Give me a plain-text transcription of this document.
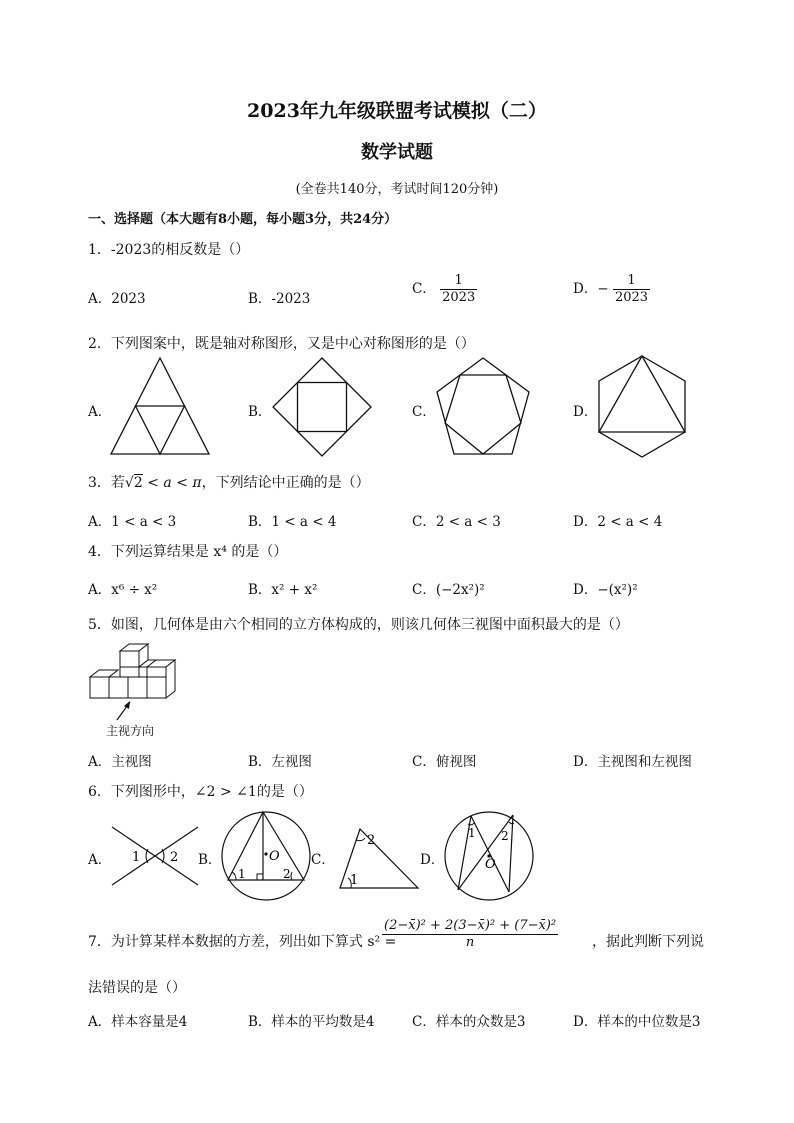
2023年九年级联盟考试模拟（二）
数学试题
(全卷共140分，考试时间120分钟)
一、选择题（本大题有8小题，每小题3分，共24分）
1．-2023的相反数是（）
A．2023	B．-2023
C． $\frac{1}{2023}$	D．− $\frac{1}{2023}$
2．下列图案中，既是轴对称图形，又是中心对称图形的是（）
A．	B．	C．	D．
3．若√2 < a < π，下列结论中正确的是（）
A．1 < a < 3	B．1 < a < 4	C．2 < a < 3	D．2 < a < 4
4．下列运算结果是 x⁴ 的是（）
A．x⁶ ÷ x²	B．x² + x²	C．(−2x²)²	D．−(x²)²
5．如图，几何体是由六个相同的立方体构成的，则该几何体三视图中面积最大的是（）
主视方向
A．主视图	B．左视图	C．俯视图	D．主视图和左视图
6．下列图形中，∠2 > ∠1的是（）
A．	B．	C．	D．
1 2
1	2
O
2
1
1 2
O
7．为计算某样本数据的方差，列出如下算式 s² =
$\frac{\text{(2−x̄)² + 2(3−x̄)² + (7−x̄)²}}{n}$ ，据此判断下列说
法错误的是（）
A．样本容量是4	B．样本的平均数是4	C．样本的众数是3	D．样本的中位数是3
